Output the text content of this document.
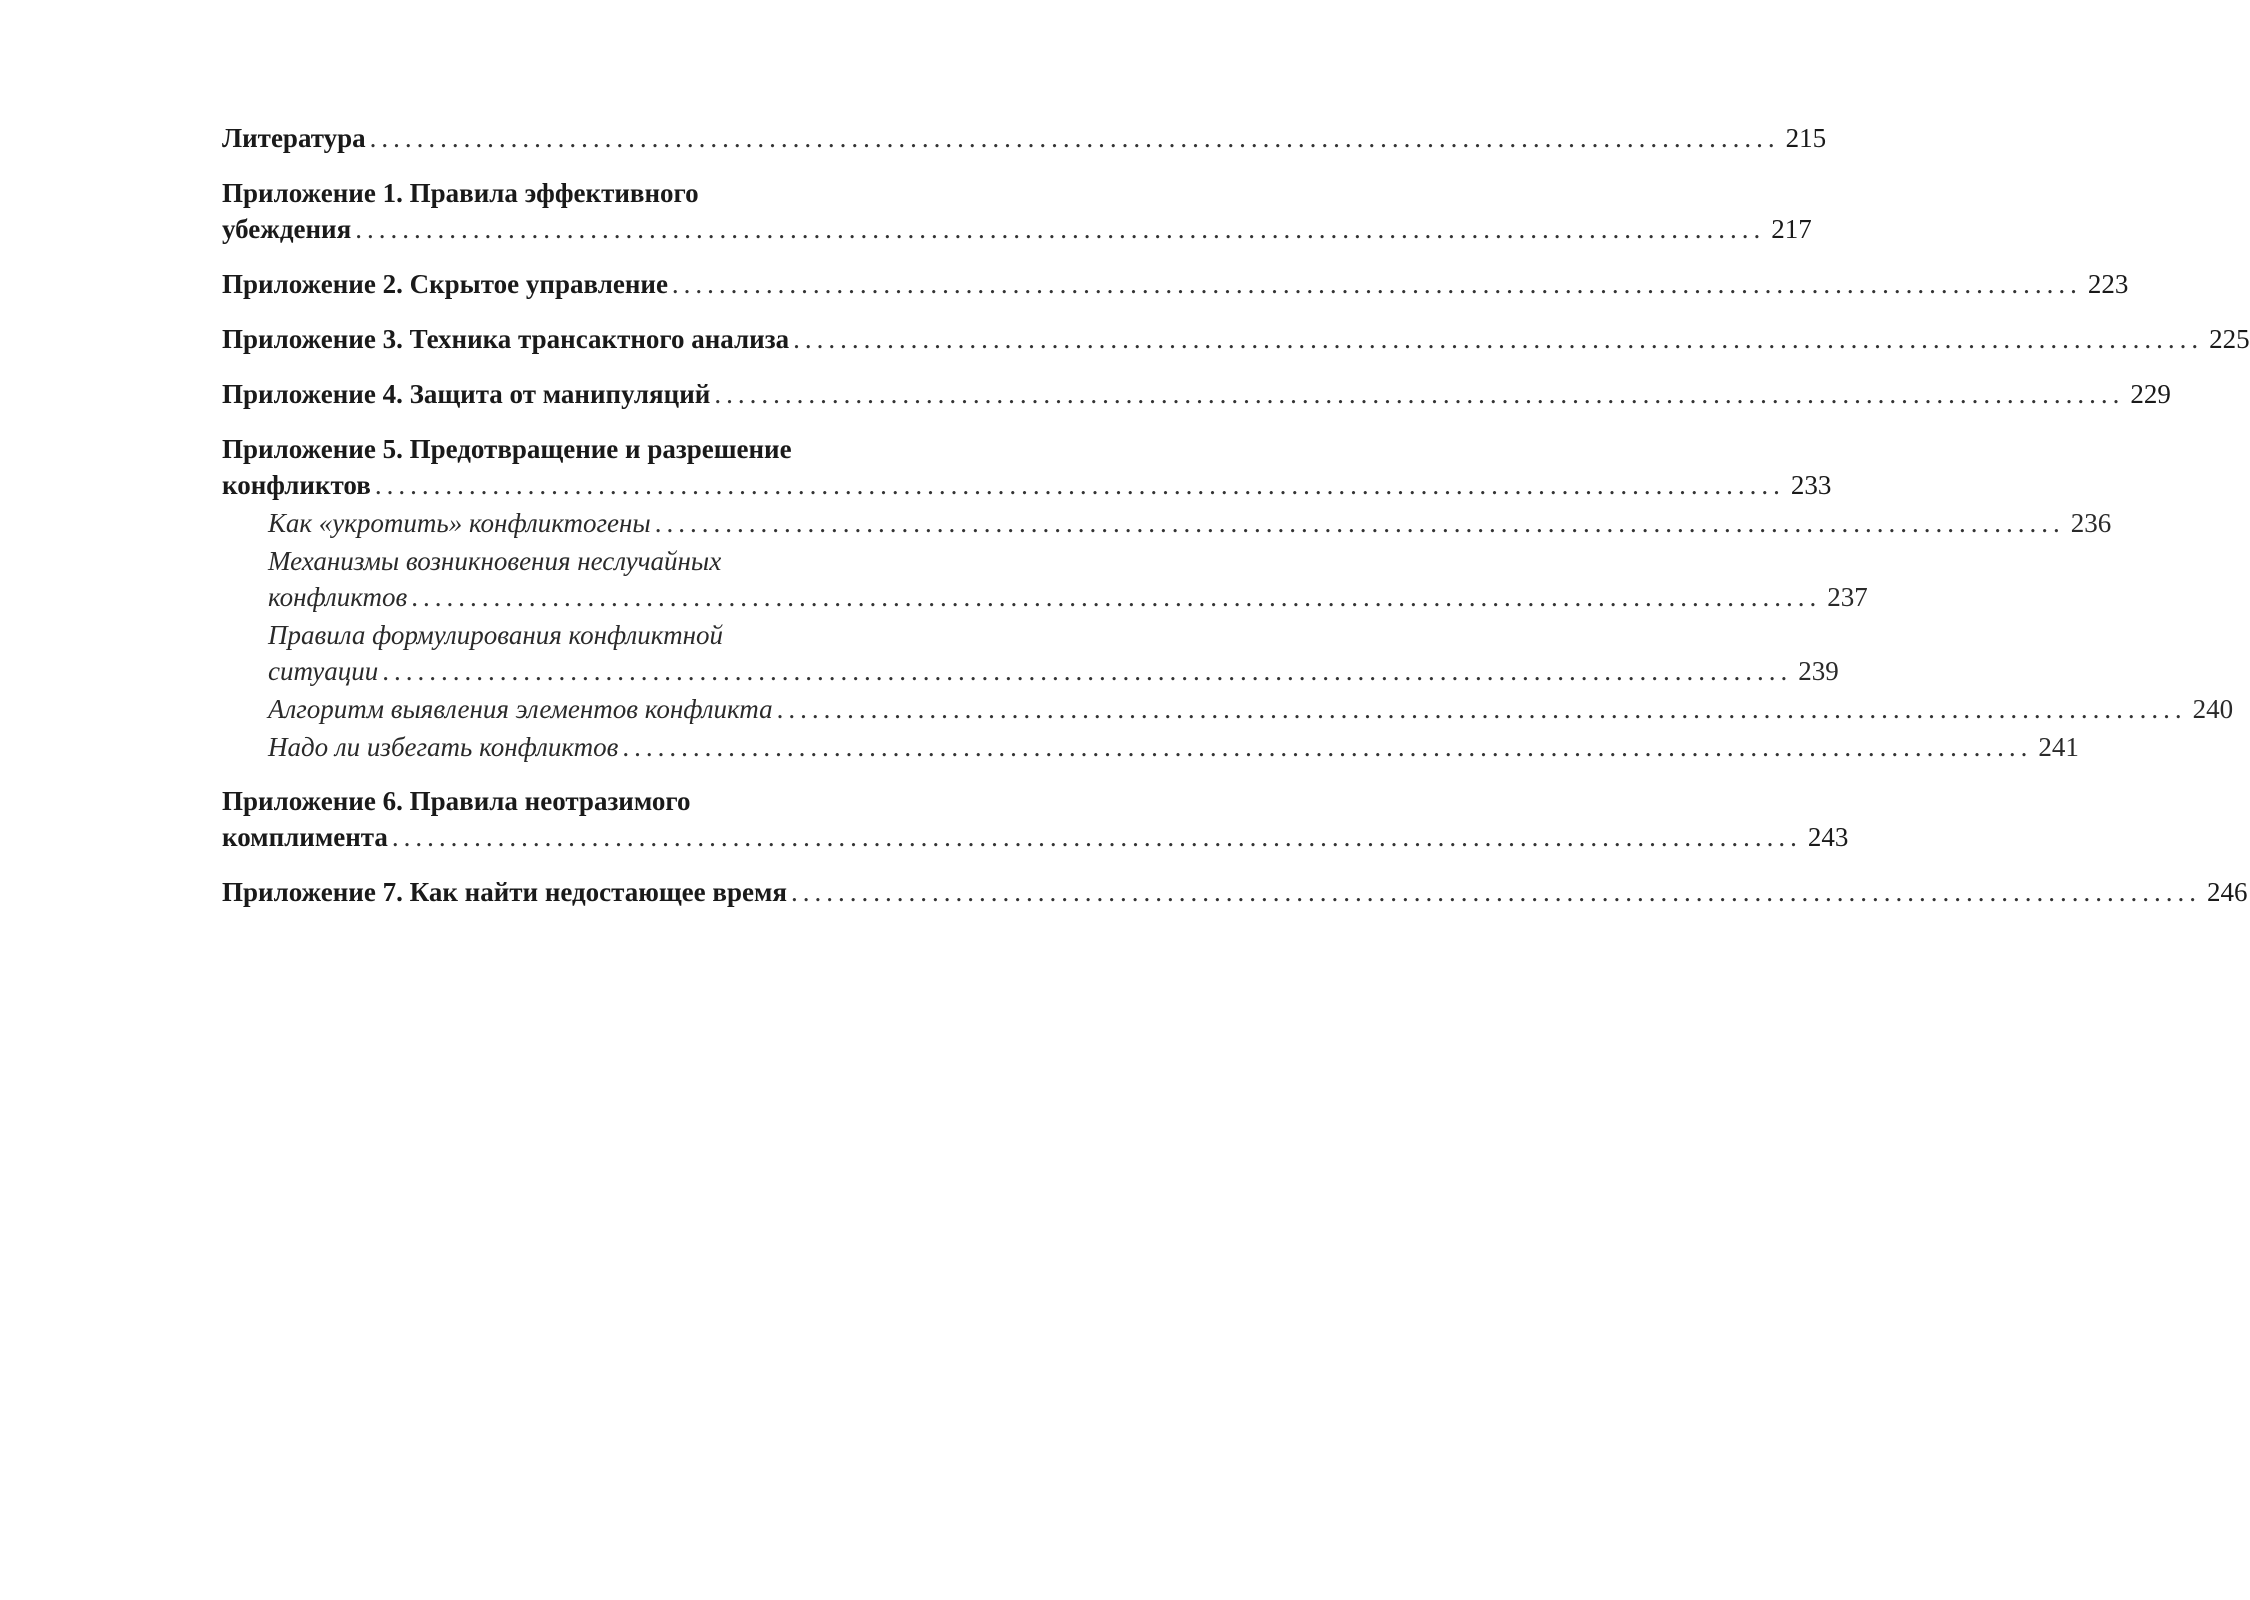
Литература ........................................................................................................................ 215
Приложение 1. Правила эффективного
убеждения ........................................................................................................................ 217
Приложение 2. Скрытое управление ........................................................................................................................ 223
Приложение 3. Техника трансактного анализа ........................................................................................................................ 225
Приложение 4. Защита от манипуляций ........................................................................................................................ 229
Приложение 5. Предотвращение и разрешение
конфликтов ........................................................................................................................ 233
Как «укротить» конфликтогены ........................................................................................................................ 236
Механизмы возникновения неслучайных
конфликтов ........................................................................................................................ 237
Правила формулирования конфликтной
ситуации ........................................................................................................................ 239
Алгоритм выявления элементов конфликта ........................................................................................................................ 240
Надо ли избегать конфликтов ........................................................................................................................ 241
Приложение 6. Правила неотразимого
комплимента ........................................................................................................................ 243
Приложение 7. Как найти недостающее время ........................................................................................................................ 246
